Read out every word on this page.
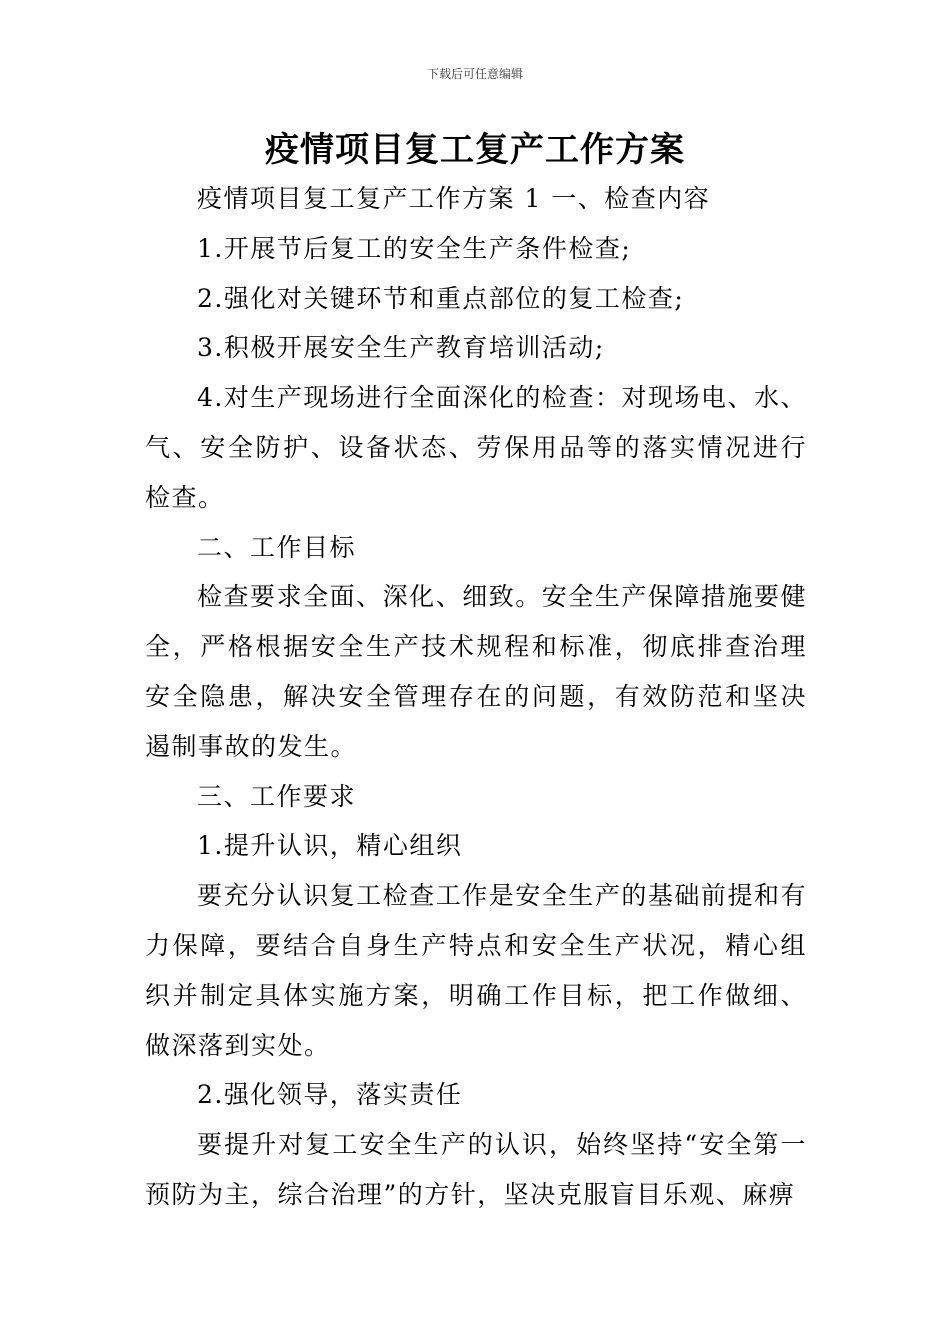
下载后可任意编辑
疫情项目复工复产工作方案

疫情项目复工复产工作方案 1 一、检查内容

1.开展节后复工的安全生产条件检查;

2.强化对关键环节和重点部位的复工检查;

3.积极开展安全生产教育培训活动;

4.对生产现场进行全面深化的检查：对现场电、水、气、安全防护、设备状态、劳保用品等的落实情况进行检查。

二、工作目标

检查要求全面、深化、细致。安全生产保障措施要健全，严格根据安全生产技术规程和标准，彻底排查治理安全隐患，解决安全管理存在的问题，有效防范和坚决遏制事故的发生。

三、工作要求

1.提升认识，精心组织

要充分认识复工检查工作是安全生产的基础前提和有力保障，要结合自身生产特点和安全生产状况，精心组织并制定具体实施方案，明确工作目标，把工作做细、做深落到实处。

2.强化领导，落实责任

要提升对复工安全生产的认识，始终坚持“安全第一预防为主，综合治理”的方针，坚决克服盲目乐观、麻痹
